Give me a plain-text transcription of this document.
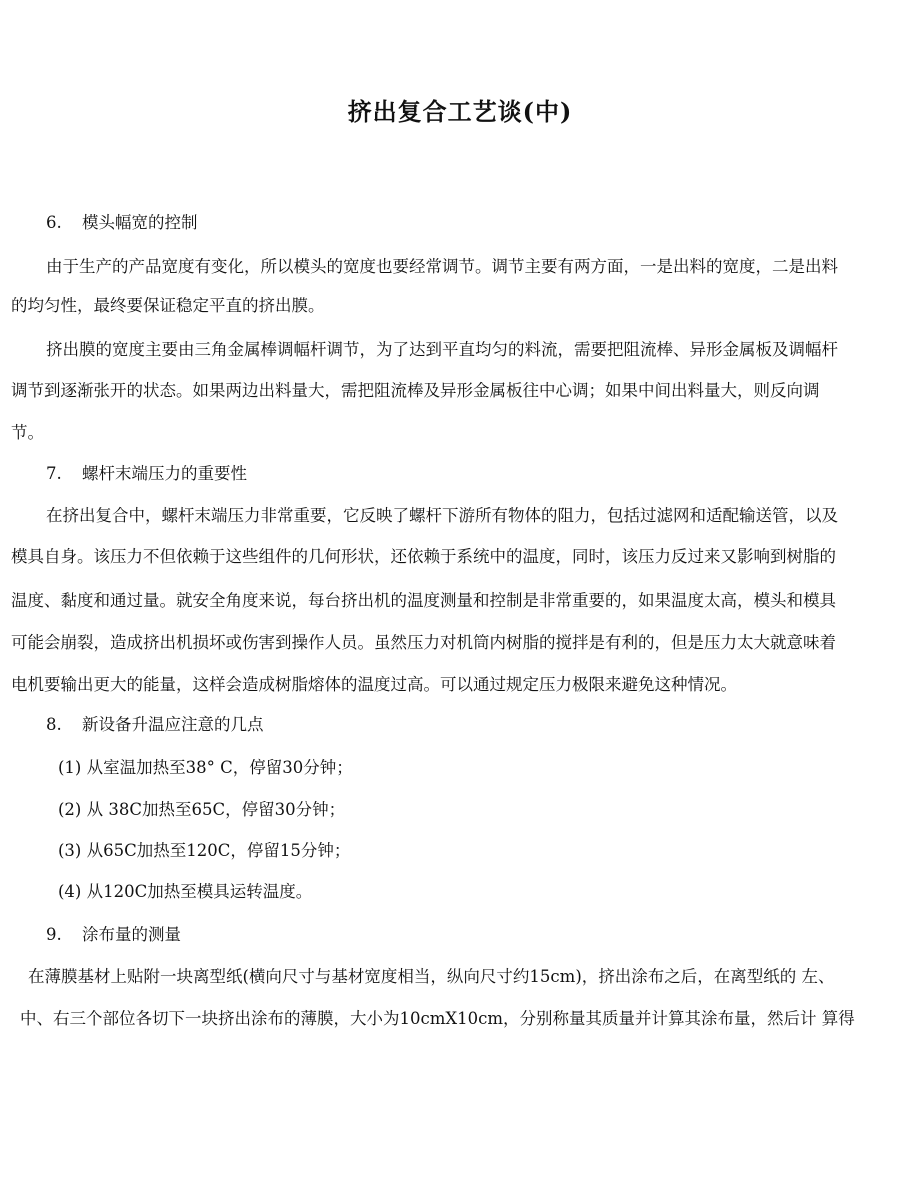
挤出复合工艺谈(中)

6. 模头幅宽的控制

由于生产的产品宽度有变化，所以模头的宽度也要经常调节。调节主要有两方面，一是出料的宽度，二是出料

的均匀性，最终要保证稳定平直的挤出膜。

挤出膜的宽度主要由三角金属棒调幅杆调节，为了达到平直均匀的料流，需要把阻流棒、异形金属板及调幅杆

调节到逐渐张开的状态。如果两边出料量大，需把阻流棒及异形金属板往中心调；如果中间出料量大，则反向调

节。

7. 螺杆末端压力的重要性

在挤出复合中，螺杆末端压力非常重要，它反映了螺杆下游所有物体的阻力，包括过滤网和适配输送管，以及

模具自身。该压力不但依赖于这些组件的几何形状，还依赖于系统中的温度，同时，该压力反过来又影响到树脂的

温度、黏度和通过量。就安全角度来说，每台挤出机的温度测量和控制是非常重要的，如果温度太高，模头和模具

可能会崩裂，造成挤出机损坏或伤害到操作人员。虽然压力对机筒内树脂的搅拌是有利的，但是压力太大就意味着

电机要输出更大的能量，这样会造成树脂熔体的温度过高。可以通过规定压力极限来避免这种情况。

8. 新设备升温应注意的几点

(1) 从室温加热至38° C，停留30分钟；

(2) 从 38C加热至65C，停留30分钟；

(3) 从65C加热至120C，停留15分钟；

(4) 从120C加热至模具运转温度。

9. 涂布量的测量

在薄膜基材上贴附一块离型纸(横向尺寸与基材宽度相当，纵向尺寸约15cm)，挤出涂布之后，在离型纸的 左、

中、右三个部位各切下一块挤出涂布的薄膜，大小为10cmX10cm，分别称量其质量并计算其涂布量，然后计 算得
